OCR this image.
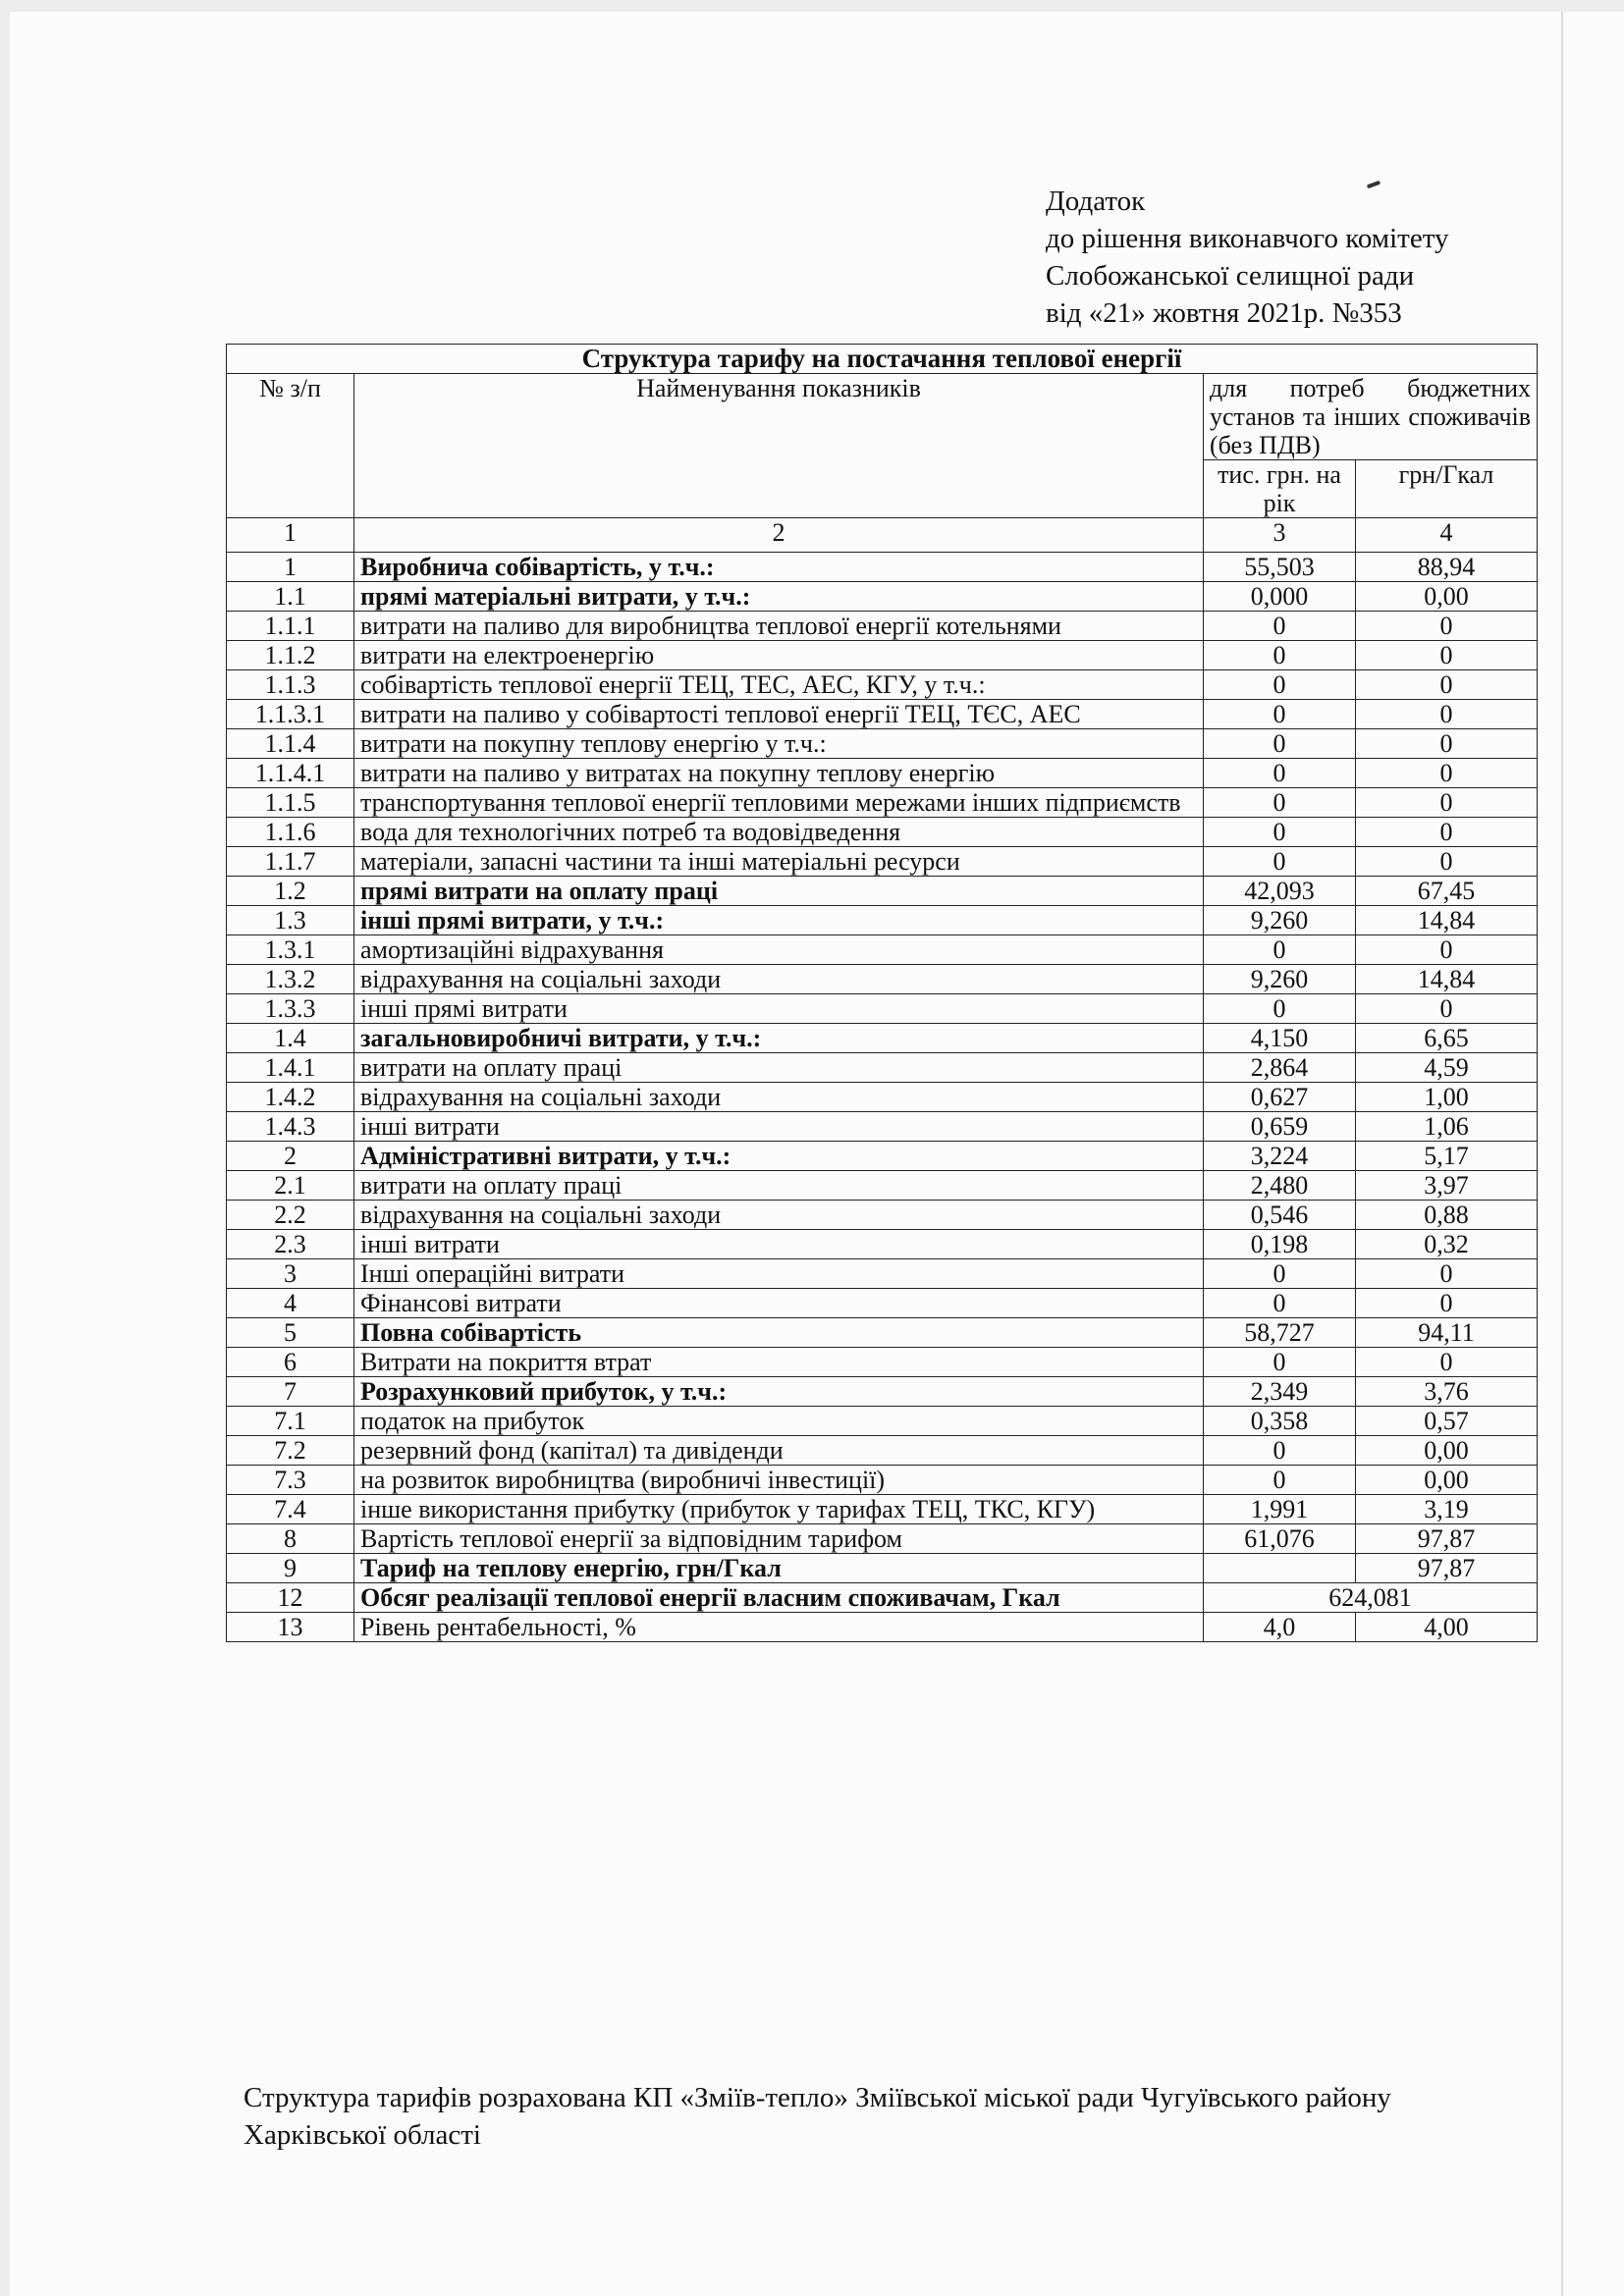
Додаток
до рішення виконавчого комітету
Слобожанської селищної ради
від «21» жовтня 2021р. №353
Структура тарифу на постачання теплової енергії			
№ з/п	Найменування показників	для потреб бюджетних установ та інших споживачів (без ПДВ)	
		тис. грн. на рік	грн/Гкал
1	2	3	4
1	Виробнича собівартість, у т.ч.:	55,503	88,94
1.1	прямі матеріальні витрати, у т.ч.:	0,000	0,00
1.1.1	витрати на паливо для виробництва теплової енергії котельнями	0	0
1.1.2	витрати на електроенергію	0	0
1.1.3	собівартість теплової енергії ТЕЦ, ТЕС, АЕС, КГУ, у т.ч.:	0	0
1.1.3.1	витрати на паливо у собівартості теплової енергії ТЕЦ, ТЄС, АЕС	0	0
1.1.4	витрати на покупну теплову енергію у т.ч.:	0	0
1.1.4.1	витрати на паливо у витратах на покупну теплову енергію	0	0
1.1.5	транспортування теплової енергії тепловими мережами інших підприємств	0	0
1.1.6	вода для технологічних потреб та водовідведення	0	0
1.1.7	матеріали, запасні частини та інші матеріальні ресурси	0	0
1.2	прямі витрати на оплату праці	42,093	67,45
1.3	інші прямі витрати, у т.ч.:	9,260	14,84
1.3.1	амортизаційні відрахування	0	0
1.3.2	відрахування на соціальні заходи	9,260	14,84
1.3.3	інші прямі витрати	0	0
1.4	загальновиробничі витрати, у т.ч.:	4,150	6,65
1.4.1	витрати на оплату праці	2,864	4,59
1.4.2	відрахування на соціальні заходи	0,627	1,00
1.4.3	інші витрати	0,659	1,06
2	Адміністративні витрати, у т.ч.:	3,224	5,17
2.1	витрати на оплату праці	2,480	3,97
2.2	відрахування на соціальні заходи	0,546	0,88
2.3	інші витрати	0,198	0,32
3	Інші операційні витрати	0	0
4	Фінансові витрати	0	0
5	Повна собівартість	58,727	94,11
6	Витрати на покриття втрат	0	0
7	Розрахунковий прибуток, у т.ч.:	2,349	3,76
7.1	податок на прибуток	0,358	0,57
7.2	резервний фонд (капітал) та дивіденди	0	0,00
7.3	на розвиток виробництва (виробничі інвестиції)	0	0,00
7.4	інше використання прибутку (прибуток у тарифах ТЕЦ, ТКС, КГУ)	1,991	3,19
8	Вартість теплової енергії за відповідним тарифом	61,076	97,87
9	Тариф на теплову енергію, грн/Гкал		97,87
12	Обсяг реалізації теплової енергії власним споживачам, Гкал	624,081	
13	Рівень рентабельності, %	4,0	4,00
Структура тарифів розрахована КП «Зміїв-тепло» Зміївської міської ради Чугуївського району Харківської області
